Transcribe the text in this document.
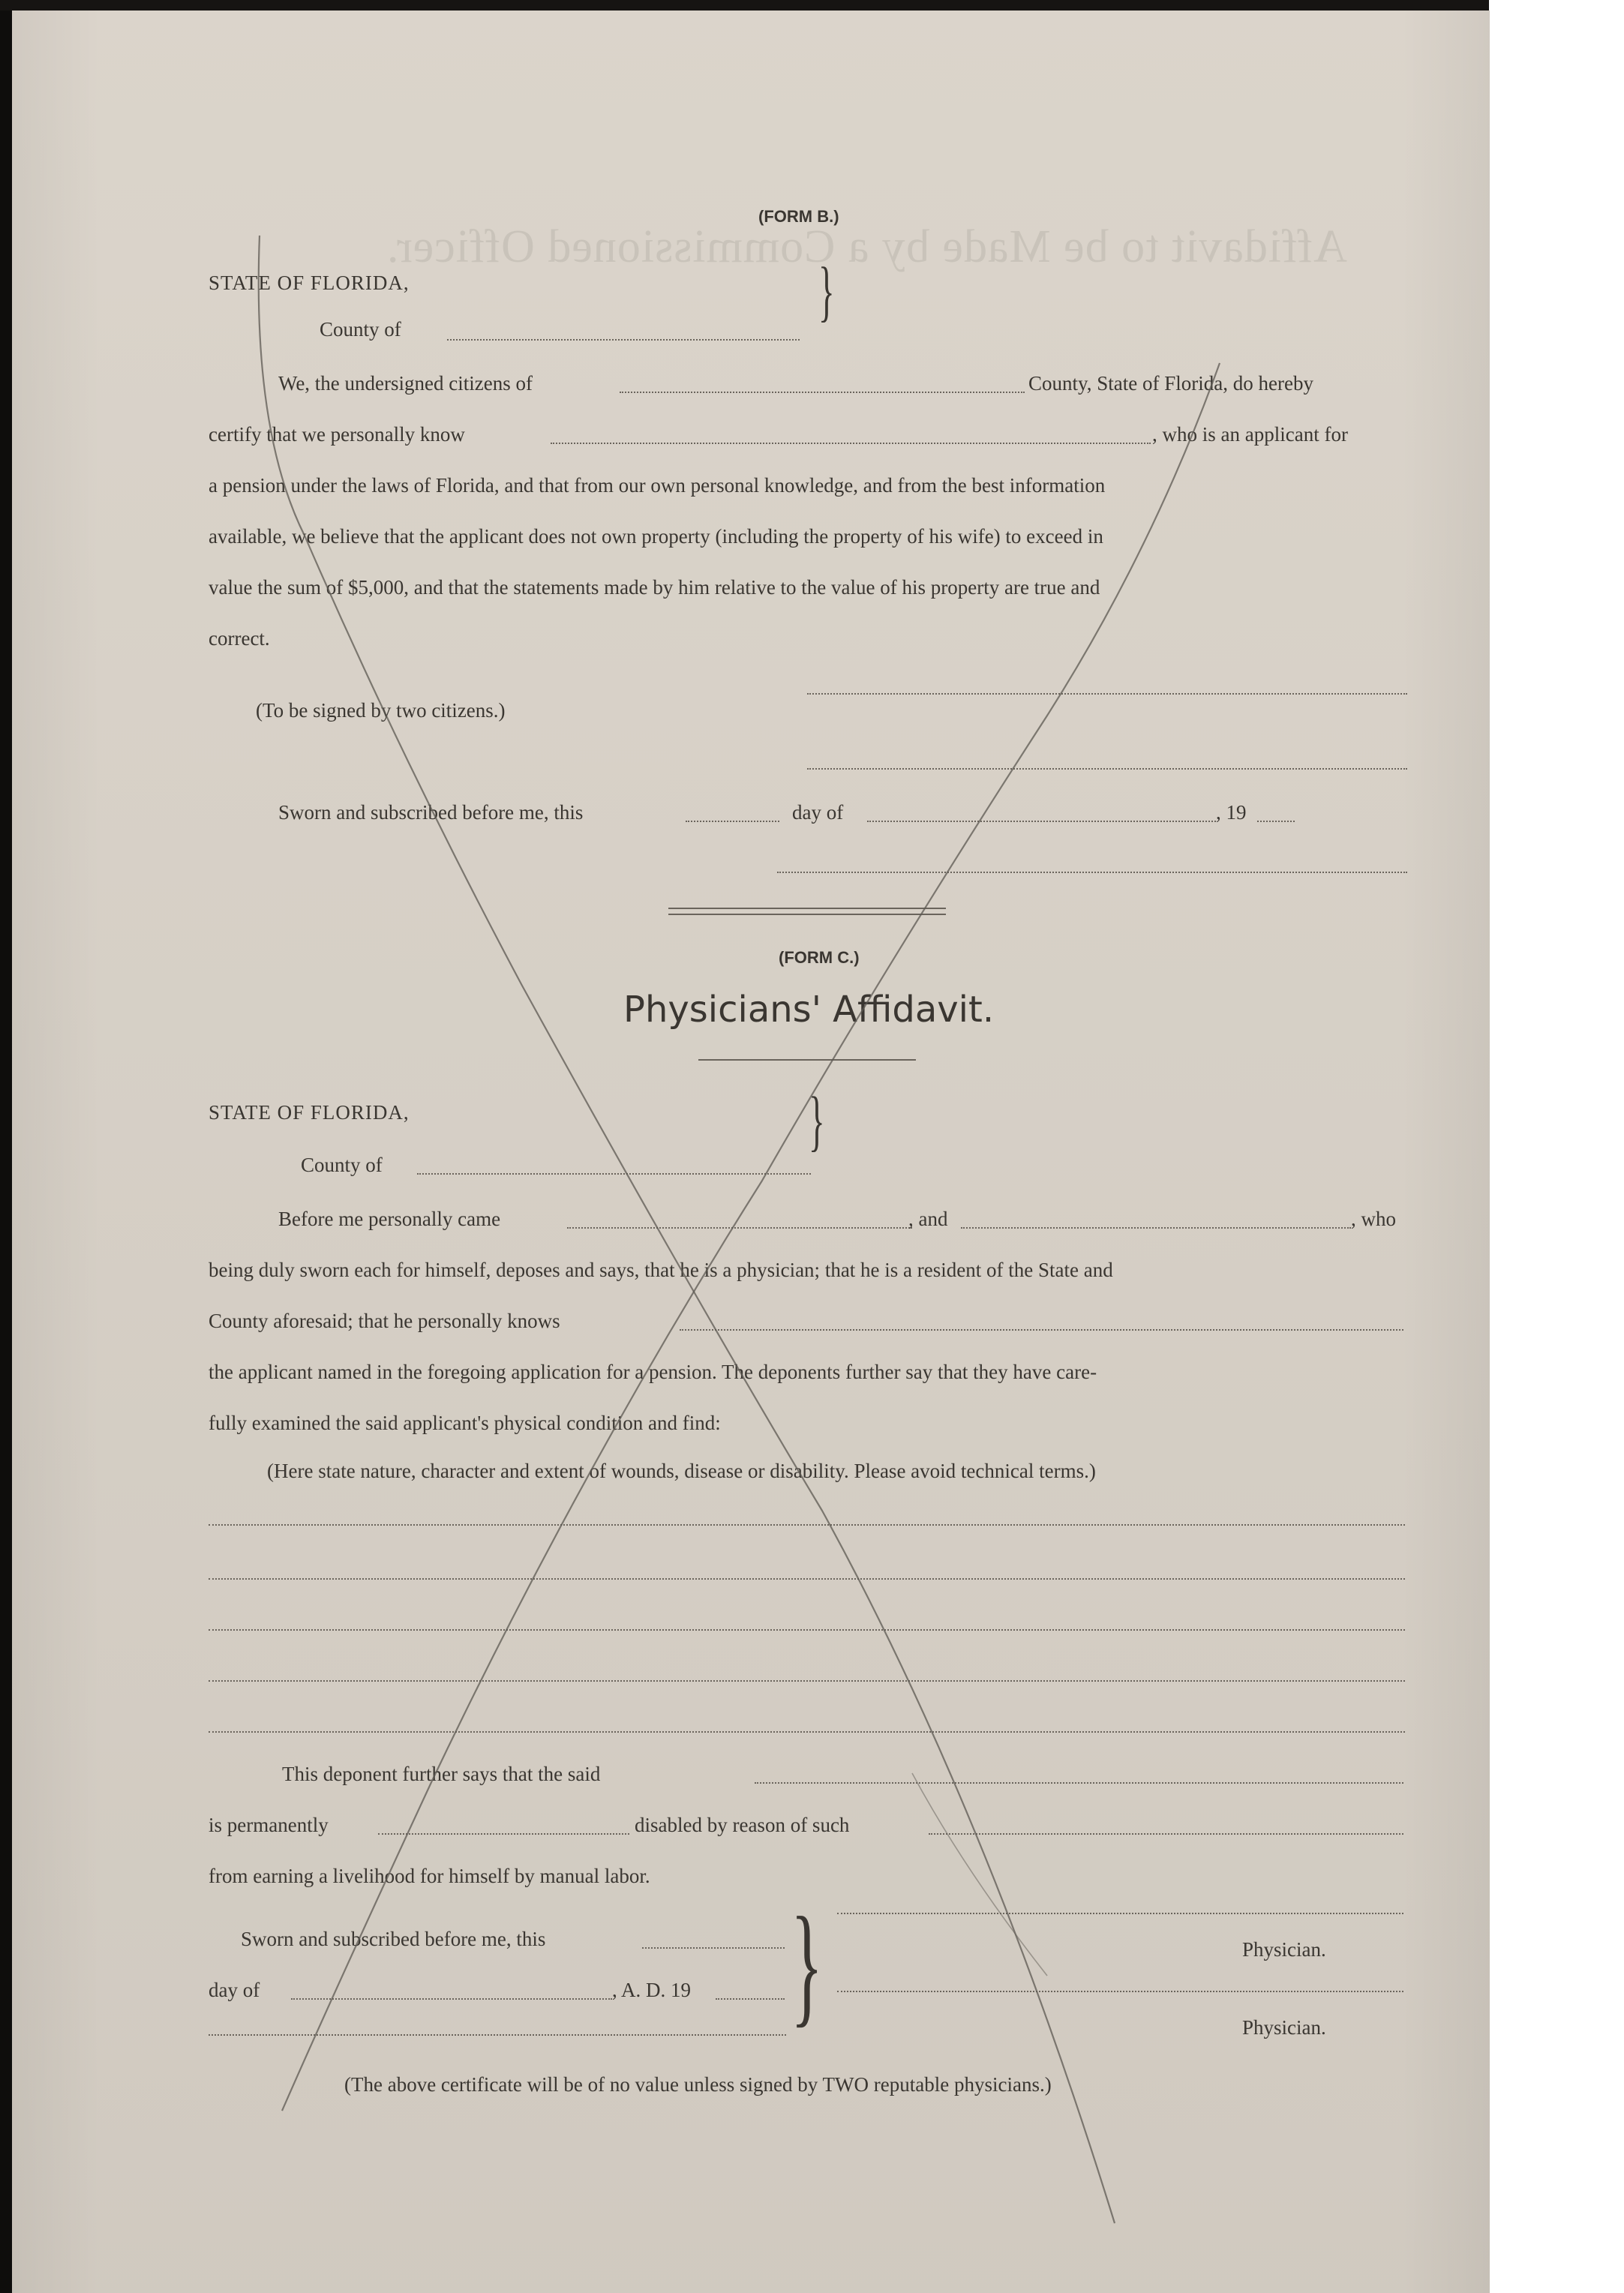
Affidavit to be Made by a Commissioned Officer.
(FORM B.)
STATE OF FLORIDA,
County of
}
We, the undersigned citizens of	County, State of Florida, do hereby
certify that we personally know	, who is an applicant for
a pension under the laws of Florida, and that from our own personal knowledge, and from the best information
available, we believe that the applicant does not own property (including the property of his wife) to exceed in
value the sum of $5,000, and that the statements made by him relative to the value of his property are true and
correct.
(To be signed by two citizens.)
Sworn and subscribed before me, this	day of	, 19
(FORM C.)
Physicians' Affidavit.
STATE OF FLORIDA,
County of
}
Before me personally came	, and	, who
being duly sworn each for himself, deposes and says, that he is a physician; that he is a resident of the State and
County aforesaid; that he personally knows
the applicant named in the foregoing application for a pension. The deponents further say that they have care-
fully examined the said applicant's physical condition and find:
(Here state nature, character and extent of wounds, disease or disability. Please avoid technical terms.)
This deponent further says that the said
is permanently	disabled by reason of such
from earning a livelihood for himself by manual labor.
Sworn and subscribed before me, this
day of	, A. D. 19 }	Physician.
Physician.
(The above certificate will be of no value unless signed by TWO reputable physicians.)
